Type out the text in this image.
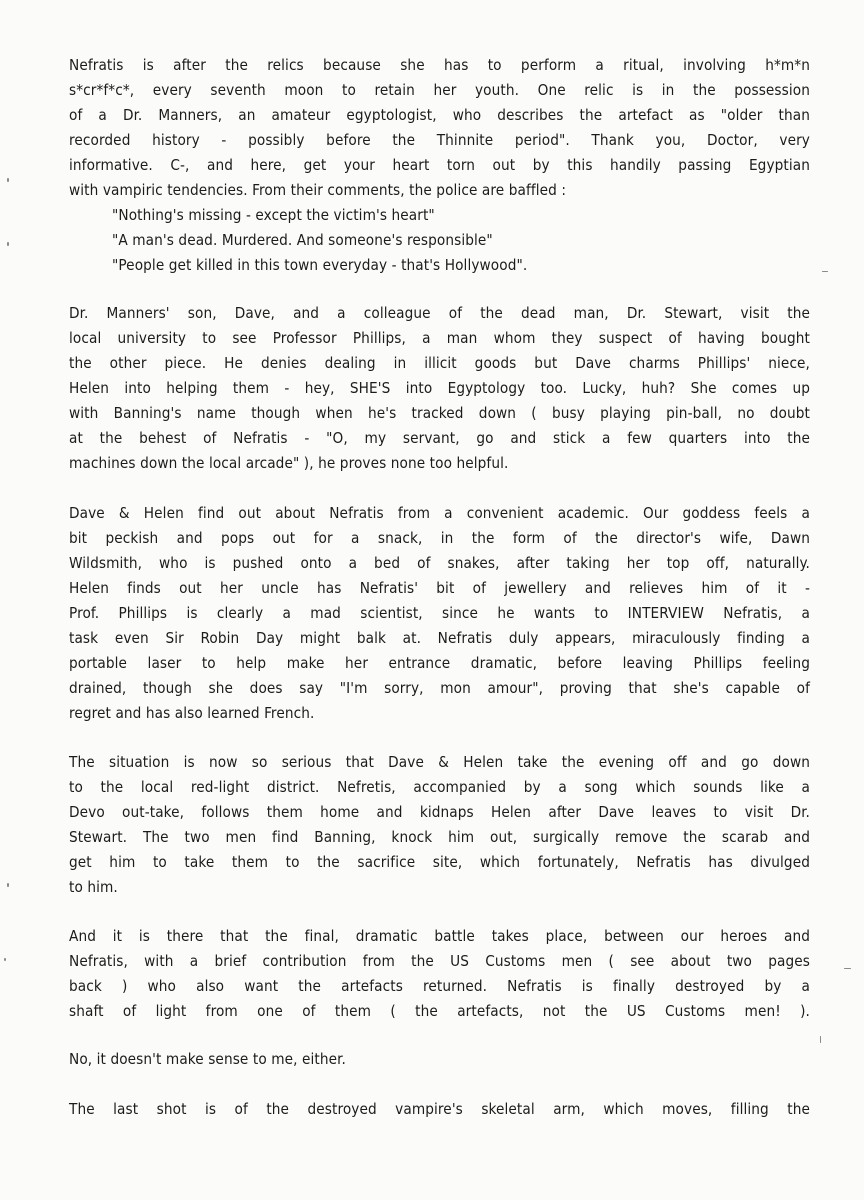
Nefratis is after the relics because she has to perform a ritual, involving h*m*n
s*cr*f*c*, every seventh moon to retain her youth. One relic is in the possession
of a Dr. Manners, an amateur egyptologist, who describes the artefact as "older than
recorded history - possibly before the Thinnite period". Thank you, Doctor, very
informative. C-, and here, get your heart torn out by this handily passing Egyptian
with vampiric tendencies. From their comments, the police are baffled :
"Nothing's missing - except the victim's heart"
"A man's dead. Murdered. And someone's responsible"
"People get killed in this town everyday - that's Hollywood".
Dr. Manners' son, Dave, and a colleague of the dead man, Dr. Stewart, visit the
local university to see Professor Phillips, a man whom they suspect of having bought
the other piece. He denies dealing in illicit goods but Dave charms Phillips' niece,
Helen into helping them - hey, SHE'S into Egyptology too. Lucky, huh? She comes up
with Banning's name though when he's tracked down ( busy playing pin-ball, no doubt
at the behest of Nefratis - "O, my servant, go and stick a few quarters into the
machines down the local arcade" ), he proves none too helpful.
Dave & Helen find out about Nefratis from a convenient academic. Our goddess feels a
bit peckish and pops out for a snack, in the form of the director's wife, Dawn
Wildsmith, who is pushed onto a bed of snakes, after taking her top off, naturally.
Helen finds out her uncle has Nefratis' bit of jewellery and relieves him of it -
Prof. Phillips is clearly a mad scientist, since he wants to INTERVIEW Nefratis, a
task even Sir Robin Day might balk at. Nefratis duly appears, miraculously finding a
portable laser to help make her entrance dramatic, before leaving Phillips feeling
drained, though she does say "I'm sorry, mon amour", proving that she's capable of
regret and has also learned French.
The situation is now so serious that Dave & Helen take the evening off and go down
to the local red-light district. Nefretis, accompanied by a song which sounds like a
Devo out-take, follows them home and kidnaps Helen after Dave leaves to visit Dr.
Stewart. The two men find Banning, knock him out, surgically remove the scarab and
get him to take them to the sacrifice site, which fortunately, Nefratis has divulged
to him.
And it is there that the final, dramatic battle takes place, between our heroes and
Nefratis, with a brief contribution from the US Customs men ( see about two pages
back ) who also want the artefacts returned. Nefratis is finally destroyed by a
shaft of light from one of them ( the artefacts, not the US Customs men! ).
No, it doesn't make sense to me, either.
The last shot is of the destroyed vampire's skeletal arm, which moves, filling the
